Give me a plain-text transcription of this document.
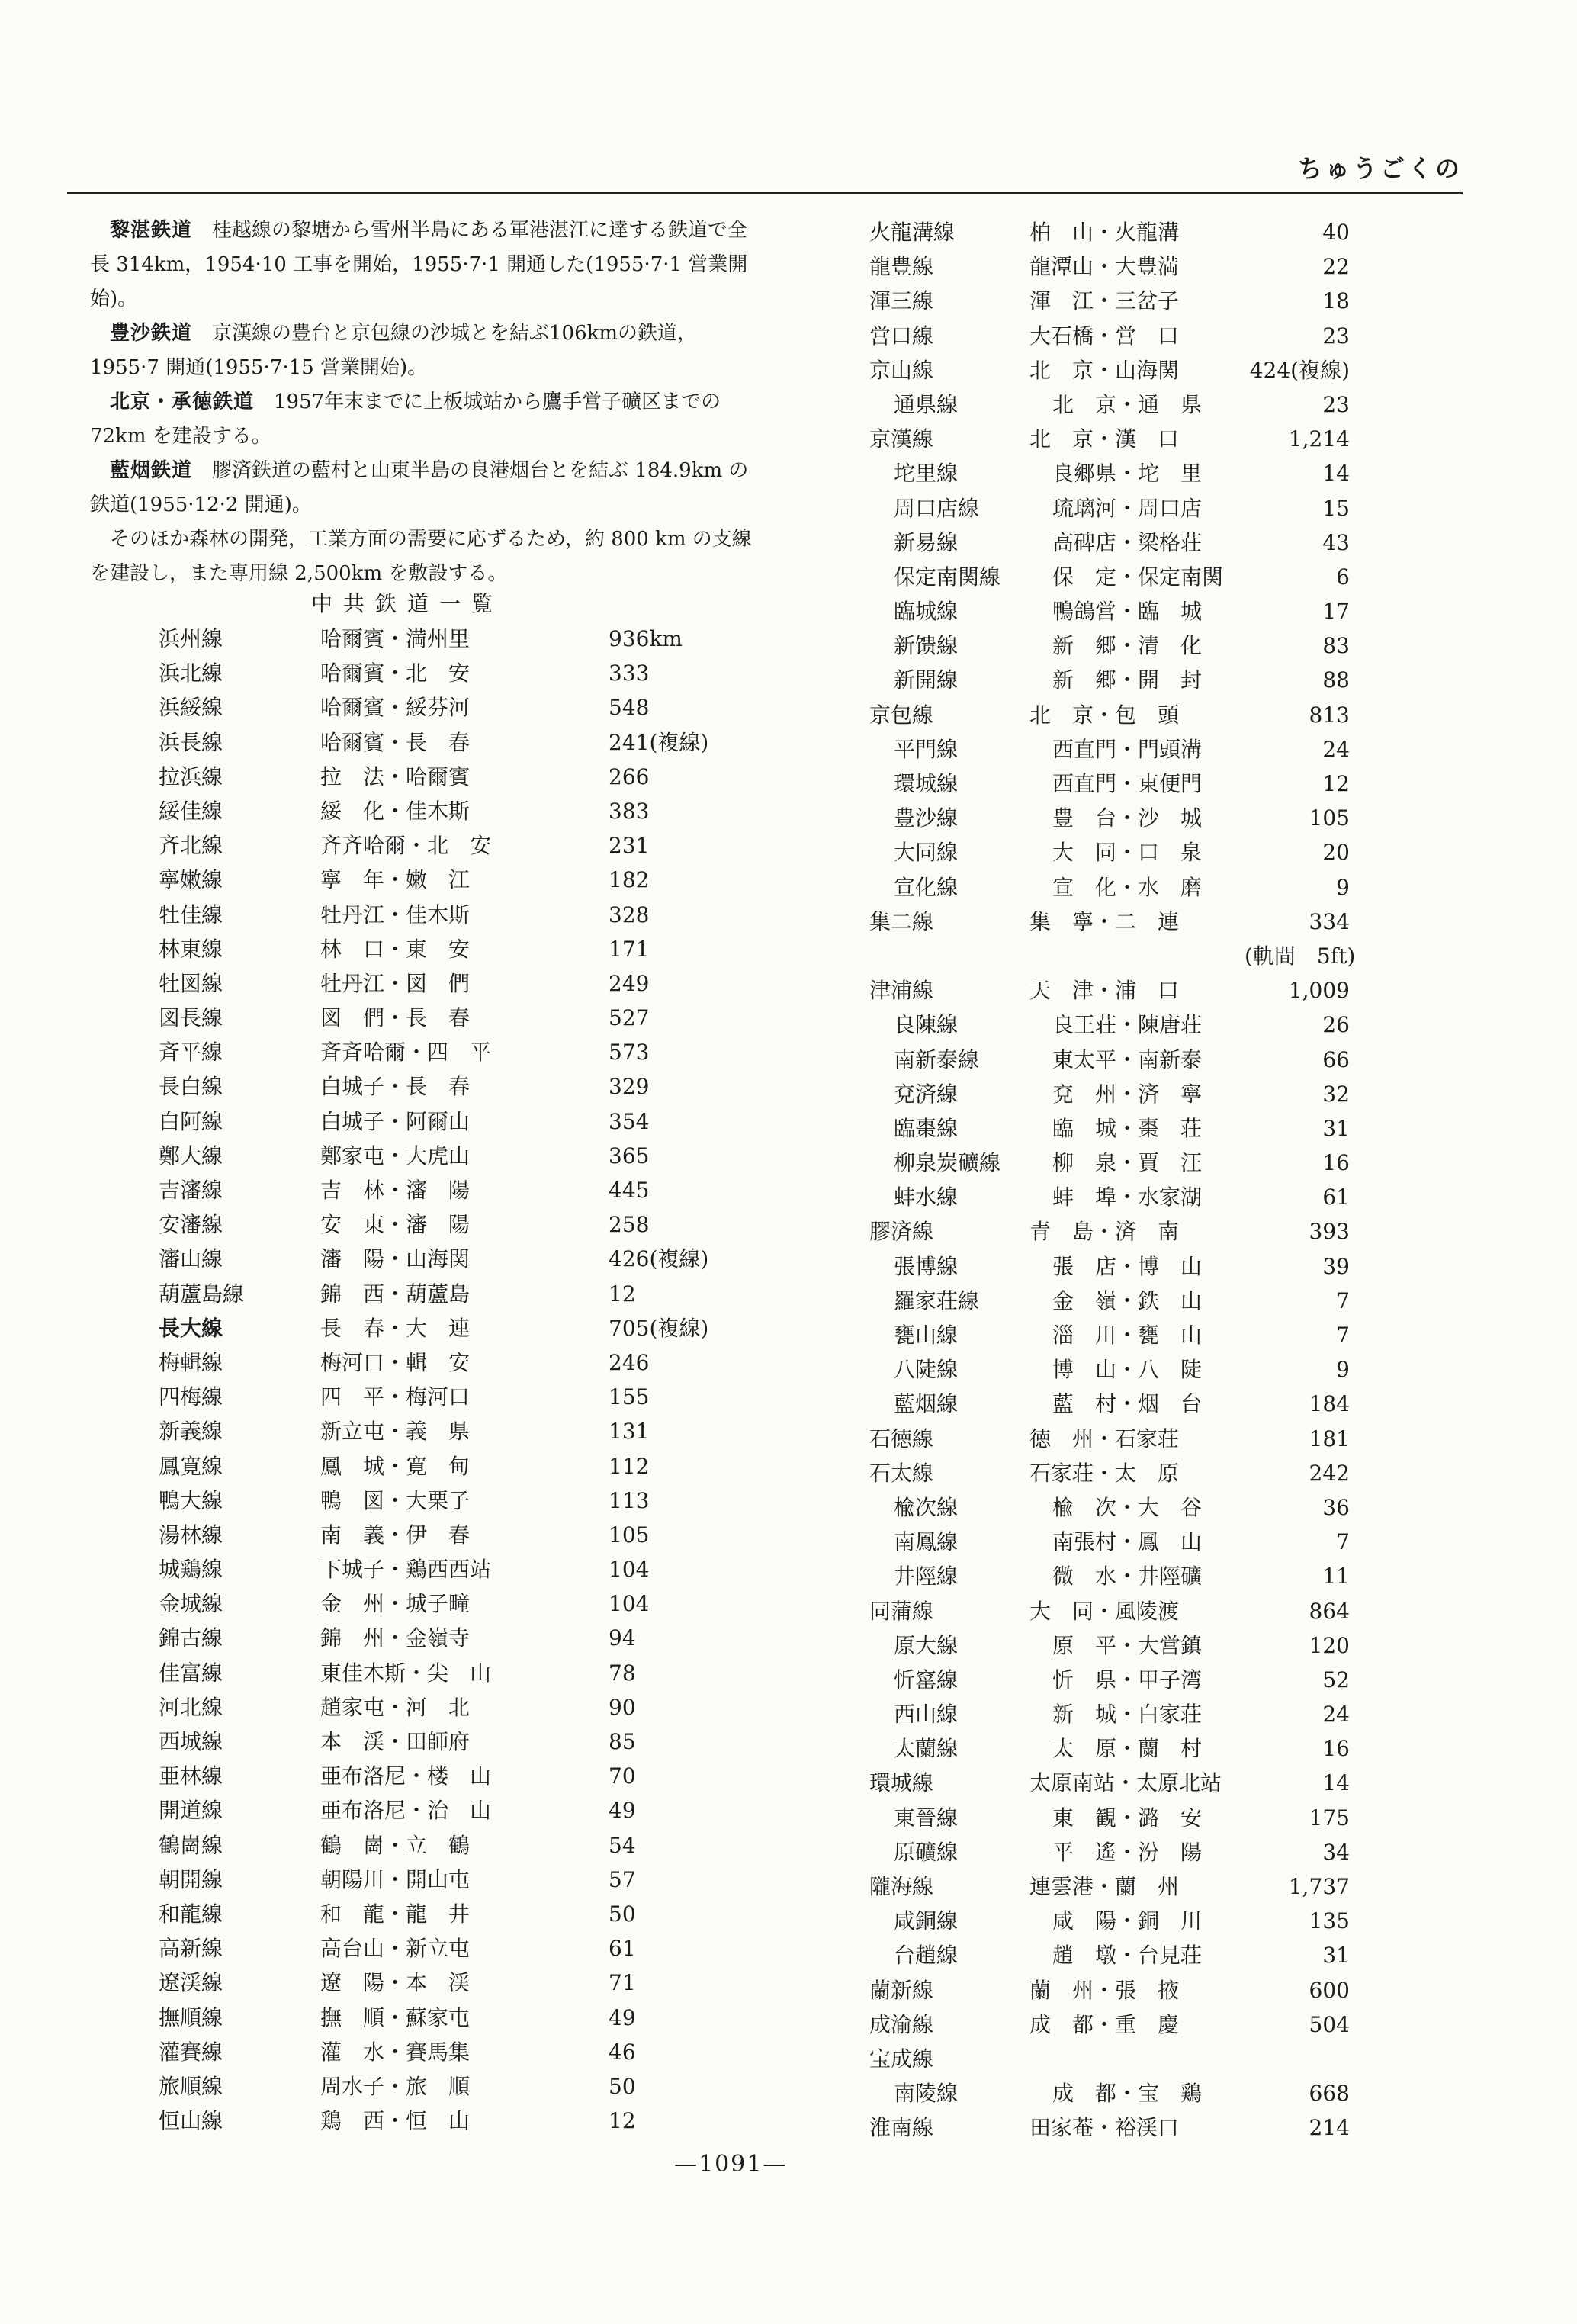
ちゅうごくの

黎湛鉄道　桂越線の黎塘から雪州半島にある軍港湛江に達する鉄道で全長 314km，1954·10 工事を開始，1955·7·1 開通した(1955·7·1 営業開始)。

豊沙鉄道　京漢線の豊台と京包線の沙城とを結ぶ106kmの鉄道，1955·7 開通(1955·7·15 営業開始)。

北京・承徳鉄道　1957年末までに上板城站から鷹手営子礦区までの 72km を建設する。

藍烟鉄道　膠済鉄道の藍村と山東半島の良港烟台とを結ぶ 184.9km の鉄道(1955·12·2 開通)。

そのほか森林の開発，工業方面の需要に応ずるため，約 800 km の支線を建設し，また専用線 2,500km を敷設する。

中共鉄道一覧
浜州線	哈爾賓・満州里	936km
浜北線	哈爾賓・北　安	333
浜綏線	哈爾賓・綏芬河	548
浜長線	哈爾賓・長　春	241(複線)
拉浜線	拉　法・哈爾賓	266
綏佳線	綏　化・佳木斯	383
斉北線	斉斉哈爾・北　安	231
寧嫩線	寧　年・嫩　江	182
牡佳線	牡丹江・佳木斯	328
林東線	林　口・東　安	171
牡図線	牡丹江・図　們	249
図長線	図　們・長　春	527
斉平線	斉斉哈爾・四　平	573
長白線	白城子・長　春	329
白阿線	白城子・阿爾山	354
鄭大線	鄭家屯・大虎山	365
吉瀋線	吉　林・瀋　陽	445
安瀋線	安　東・瀋　陽	258
瀋山線	瀋　陽・山海関	426(複線)
葫蘆島線	錦　西・葫蘆島	12
長大線	長　春・大　連	705(複線)
梅輯線	梅河口・輯　安	246
四梅線	四　平・梅河口	155
新義線	新立屯・義　県	131
鳳寛線	鳳　城・寛　甸	112
鴨大線	鴨　図・大栗子	113
湯林線	南　義・伊　春	105
城鶏線	下城子・鶏西西站	104
金城線	金　州・城子疃	104
錦古線	錦　州・金嶺寺	94
佳富線	東佳木斯・尖　山	78
河北線	趙家屯・河　北	90
西城線	本　渓・田師府	85
亜林線	亜布洛尼・楼　山	70
開道線	亜布洛尼・治　山	49
鶴崗線	鶴　崗・立　鶴	54
朝開線	朝陽川・開山屯	57
和龍線	和　龍・龍　井	50
高新線	高台山・新立屯	61
遼渓線	遼　陽・本　渓	71
撫順線	撫　順・蘇家屯	49
灌賽線	灌　水・賽馬集	46
旅順線	周水子・旅　順	50
恒山線	鶏　西・恒　山	12
火龍溝線	柏　山・火龍溝	40
龍豊線	龍潭山・大豊満	22
渾三線	渾　江・三岔子	18
営口線	大石橋・営　口	23
京山線	北　京・山海関	424(複線)
通県線	北　京・通　県	23
京漢線	北　京・漢　口	1,214
坨里線	良郷県・坨　里	14
周口店線	琉璃河・周口店	15
新易線	高碑店・梁格荘	43
保定南関線 保　定・保定南関	6
臨城線	鴨鴿営・臨　城	17
新馈線	新　郷・清　化	83
新開線	新　郷・開　封	88
京包線	北　京・包　頭	813
平門線	西直門・門頭溝	24
環城線	西直門・東便門	12
豊沙線	豊　台・沙　城	105
大同線	大　同・口　泉	20
宣化線	宣　化・水　磨	9
集二線	集　寧・二　連	334
(軌間　5ft)
津浦線	天　津・浦　口	1,009
良陳線	良王荘・陳唐荘	26
南新泰線	東太平・南新泰	66
兗済線	兗　州・済　寧	32
臨棗線	臨　城・棗　荘	31
柳泉炭礦線 柳　泉・賈　汪	16
蚌水線	蚌　埠・水家湖	61
膠済線	青　島・済　南	393
張博線	張　店・博　山	39
羅家荘線	金　嶺・鉄　山	7
甕山線	淄　川・甕　山	7
八陡線	博　山・八　陡	9
藍烟線	藍　村・烟　台	184
石徳線	徳　州・石家荘	181
石太線	石家荘・太　原	242
楡次線	楡　次・大　谷	36
南鳳線	南張村・鳳　山	7
井陘線	微　水・井陘礦	11
同蒲線	大　同・風陵渡	864
原大線	原　平・大営鎮	120
忻窰線	忻　県・甲子湾	52
西山線	新　城・白家荘	24
太蘭線	太　原・蘭　村	16
環城線	太原南站・太原北站	14
東晉線	東　観・潞　安	175
原礦線	平　遙・汾　陽	34
隴海線	連雲港・蘭　州	1,737
咸銅線	咸　陽・銅　川	135
台趙線	趙　墩・台見荘	31
蘭新線	蘭　州・張　掖	600
成渝線	成　都・重　慶	504
宝成線
南陵線	成　都・宝　鶏	668
淮南線	田家菴・裕渓口	214
—1091—
